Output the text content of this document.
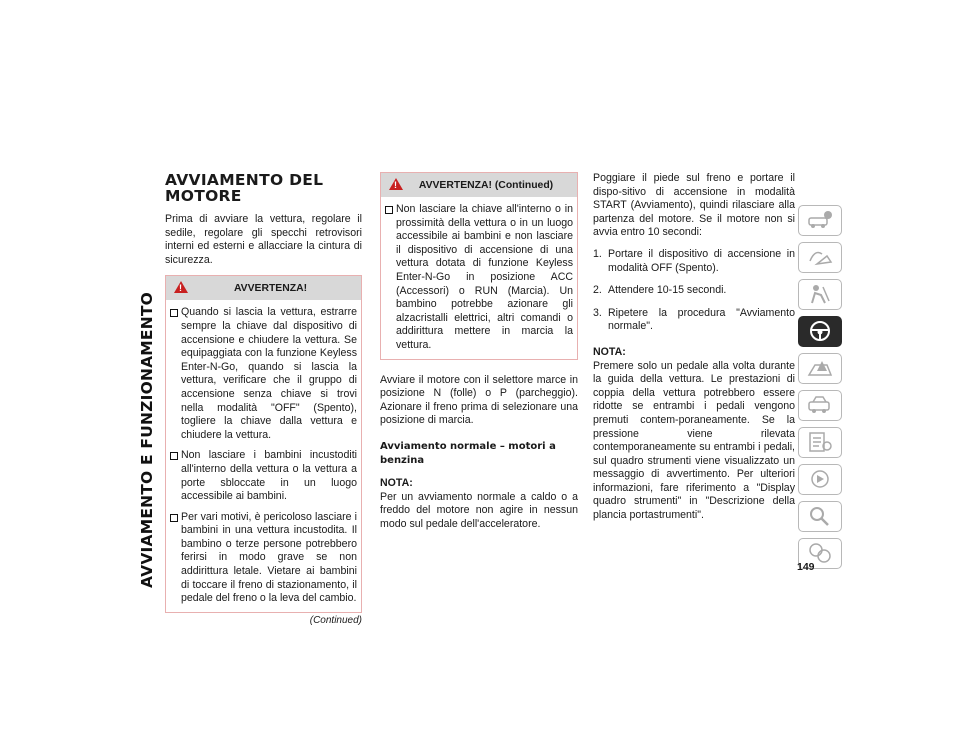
AVVIAMENTO E FUNZIONAMENTO
AVVIAMENTO DEL MOTORE

Prima di avviare la vettura, regolare il sedile, regolare gli specchi retrovisori interni ed esterni e allacciare la cintura di sicurezza.

!
AVVERTENZA!
Quando si lascia la vettura, estrarre sempre la chiave dal dispositivo di accensione e chiudere la vettura. Se equipaggiata con la funzione Keyless Enter-N-Go, quando si lascia la vettura, verificare che il gruppo di accensione senza chiave si trovi nella modalità "OFF" (Spento), togliere la chiave dalla vettura e chiudere la vettura.
Non lasciare i bambini incustoditi all'interno della vettura o la vettura a porte sbloccate in un luogo accessibile ai bambini.
Per vari motivi, è pericoloso lasciare i bambini in una vettura incustodita. Il bambino o terze persone potrebbero ferirsi in modo grave se non addirittura letale. Vietare ai bambini di toccare il freno di stazionamento, il pedale del freno o la leva del cambio.
(Continued)
!
AVVERTENZA! (Continued)
Non lasciare la chiave all'interno o in prossimità della vettura o in un luogo accessibile ai bambini e non lasciare il dispositivo di accensione di una vettura dotata di funzione Keyless Enter-N-Go in posizione ACC (Accessori) o RUN (Marcia). Un bambino potrebbe azionare gli alzacristalli elettrici, altri comandi o addirittura mettere in marcia la vettura.

Avviare il motore con il selettore marce in posizione N (folle) o P (parcheggio). Azionare il freno prima di selezionare una posizione di marcia.

Avviamento normale – motori a benzina

NOTA:

Per un avviamento normale a caldo o a freddo del motore non agire in nessun modo sul pedale dell'acceleratore.

Poggiare il piede sul freno e portare il dispo-sitivo di accensione in modalità START (Avviamento), quindi rilasciare alla partenza del motore. Se il motore non si avvia entro 10 secondi:

1. Portare il dispositivo di accensione in modalità OFF (Spento).
2. Attendere 10-15 secondi.
3. Ripetere la procedura "Avviamento normale".

NOTA:

Premere solo un pedale alla volta durante la guida della vettura. Le prestazioni di coppia della vettura potrebbero essere ridotte se entrambi i pedali vengono premuti contem-poraneamente. Se la pressione viene rilevata contemporaneamente su entrambi i pedali, sul quadro strumenti viene visualizzato un messaggio di avvertimento. Per ulteriori informazioni, fare riferimento a "Display quadro strumenti" in "Descrizione della plancia portastrumenti".

149
